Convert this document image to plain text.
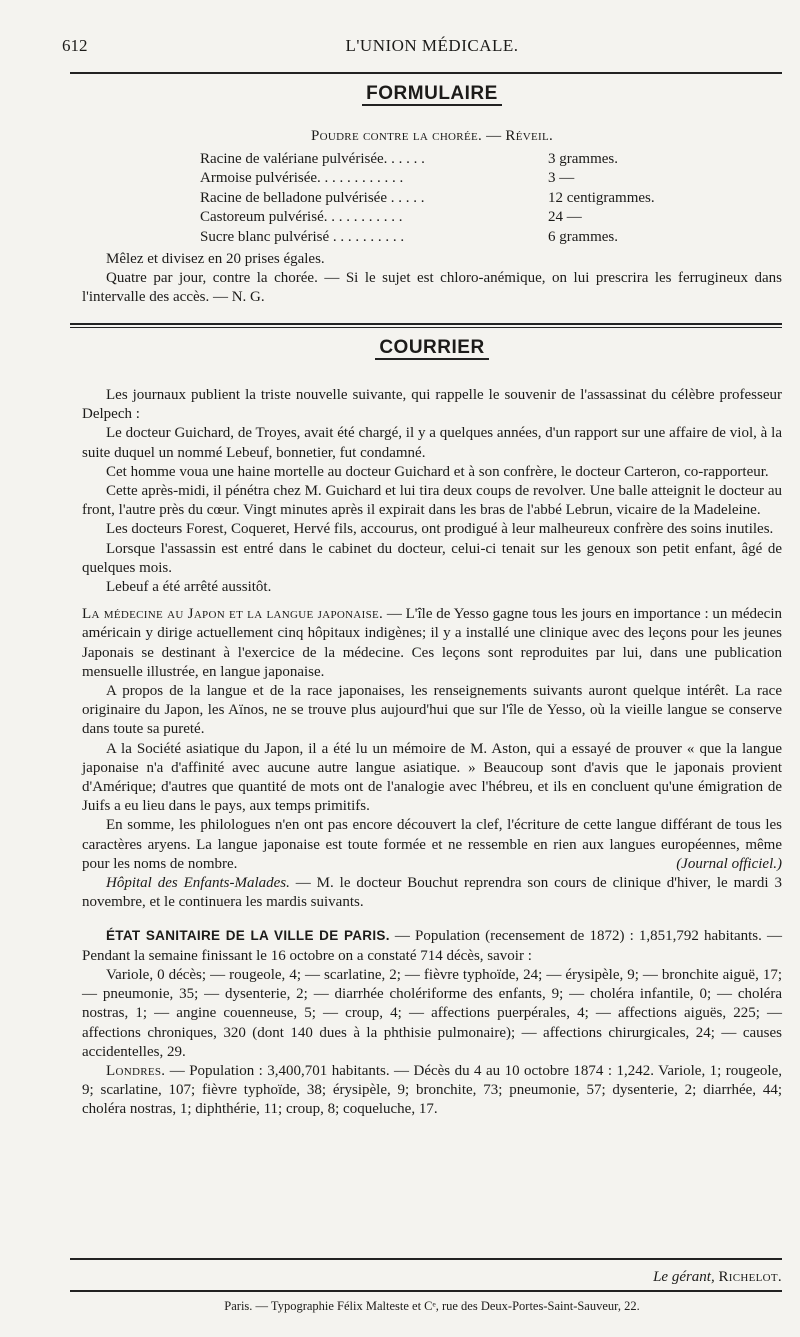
612	L'UNION MÉDICALE.
FORMULAIRE
Poudre contre la chorée. — Réveil.
Racine de valériane pulvérisée. . . . . .	3 grammes.
Armoise pulvérisée. . . . . . . . . . . .	3 —
Racine de belladone pulvérisée . . . . .	12 centigrammes.
Castoreum pulvérisé. . . . . . . . . . .	24 —
Sucre blanc pulvérisé . . . . . . . . . .	6 grammes.

Mêlez et divisez en 20 prises égales.

Quatre par jour, contre la chorée. — Si le sujet est chloro-anémique, on lui prescrira les ferrugineux dans l'intervalle des accès. — N. G.

COURRIER

Les journaux publient la triste nouvelle suivante, qui rappelle le souvenir de l'assassinat du célèbre professeur Delpech :

Le docteur Guichard, de Troyes, avait été chargé, il y a quelques années, d'un rapport sur une affaire de viol, à la suite duquel un nommé Lebeuf, bonnetier, fut condamné.

Cet homme voua une haine mortelle au docteur Guichard et à son confrère, le docteur Carteron, co-rapporteur.

Cette après-midi, il pénétra chez M. Guichard et lui tira deux coups de revolver. Une balle atteignit le docteur au front, l'autre près du cœur. Vingt minutes après il expirait dans les bras de l'abbé Lebrun, vicaire de la Madeleine.

Les docteurs Forest, Coqueret, Hervé fils, accourus, ont prodigué à leur malheureux confrère des soins inutiles.

Lorsque l'assassin est entré dans le cabinet du docteur, celui-ci tenait sur les genoux son petit enfant, âgé de quelques mois.

Lebeuf a été arrêté aussitôt.

La médecine au Japon et la langue japonaise. — L'île de Yesso gagne tous les jours en importance : un médecin américain y dirige actuellement cinq hôpitaux indigènes; il y a installé une clinique avec des leçons pour les jeunes Japonais se destinant à l'exercice de la médecine. Ces leçons sont reproduites par lui, dans une publication mensuelle illustrée, en langue japonaise.

A propos de la langue et de la race japonaises, les renseignements suivants auront quelque intérêt. La race originaire du Japon, les Aïnos, ne se trouve plus aujourd'hui que sur l'île de Yesso, où la vieille langue se conserve dans toute sa pureté.

A la Société asiatique du Japon, il a été lu un mémoire de M. Aston, qui a essayé de prouver « que la langue japonaise n'a d'affinité avec aucune autre langue asiatique. » Beaucoup sont d'avis que le japonais provient d'Amérique; d'autres que quantité de mots ont de l'analogie avec l'hébreu, et ils en concluent qu'une émigration de Juifs a eu lieu dans le pays, aux temps primitifs.

En somme, les philologues n'en ont pas encore découvert la clef, l'écriture de cette langue différant de tous les caractères aryens. La langue japonaise est toute formée et ne ressemble en rien aux langues européennes, même pour les noms de nombre.	(Journal officiel.)

Hôpital des Enfants-Malades. — M. le docteur Bouchut reprendra son cours de clinique d'hiver, le mardi 3 novembre, et le continuera les mardis suivants.

ÉTAT SANITAIRE DE LA VILLE DE PARIS. — Population (recensement de 1872) : 1,851,792 habitants. — Pendant la semaine finissant le 16 octobre on a constaté 714 décès, savoir :

Variole, 0 décès; — rougeole, 4; — scarlatine, 2; — fièvre typhoïde, 24; — érysipèle, 9; — bronchite aiguë, 17; — pneumonie, 35; — dysenterie, 2; — diarrhée cholériforme des enfants, 9; — choléra infantile, 0; — choléra nostras, 1; — angine couenneuse, 5; — croup, 4; — affections puerpérales, 4; — affections aiguës, 225; — affections chroniques, 320 (dont 140 dues à la phthisie pulmonaire); — affections chirurgicales, 24; — causes accidentelles, 29.

Londres. — Population : 3,400,701 habitants. — Décès du 4 au 10 octobre 1874 : 1,242. Variole, 1; rougeole, 9; scarlatine, 107; fièvre typhoïde, 38; érysipèle, 9; bronchite, 73; pneumonie, 57; dysenterie, 2; diarrhée, 44; choléra nostras, 1; diphthérie, 11; croup, 8; coqueluche, 17.

Le gérant, Richelot.
Paris. — Typographie Félix Malteste et Cᵉ, rue des Deux-Portes-Saint-Sauveur, 22.
